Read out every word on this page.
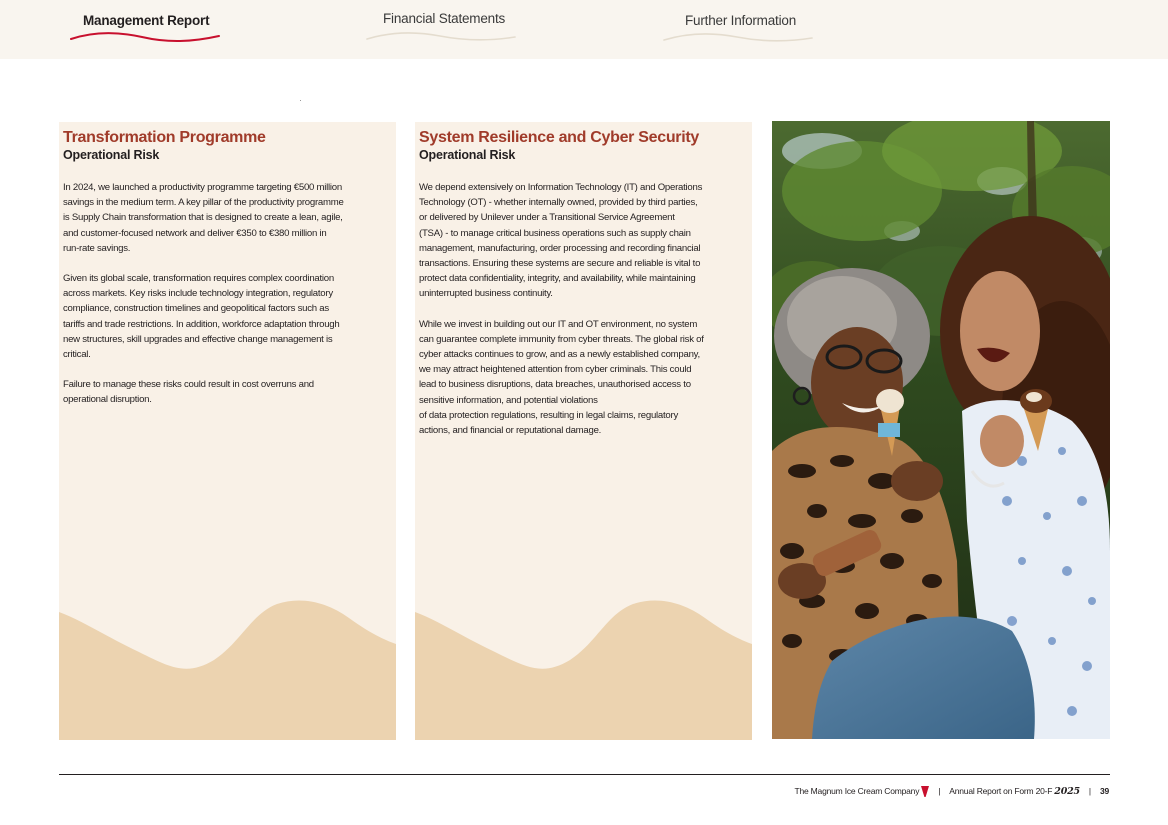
Management Report	Financial Statements	Further Information
Transformation Programme
Operational Risk

In 2024, we launched a productivity programme targeting €500 million
savings in the medium term. A key pillar of the productivity programme
is Supply Chain transformation that is designed to create a lean, agile,
and customer-focused network and deliver €350 to €380 million in
run-rate savings.

Given its global scale, transformation requires complex coordination
across markets. Key risks include technology integration, regulatory
compliance, construction timelines and geopolitical factors such as
tariffs and trade restrictions. In addition, workforce adaptation through
new structures, skill upgrades and effective change management is
critical.

Failure to manage these risks could result in cost overruns and
operational disruption.

System Resilience and Cyber Security
Operational Risk

We depend extensively on Information Technology (IT) and Operations
Technology (OT) - whether internally owned, provided by third parties,
or delivered by Unilever under a Transitional Service Agreement
(TSA) - to manage critical business operations such as supply chain
management, manufacturing, order processing and recording financial
transactions. Ensuring these systems are secure and reliable is vital to
protect data confidentiality, integrity, and availability, while maintaining
uninterrupted business continuity.

While we invest in building out our IT and OT environment, no system
can guarantee complete immunity from cyber threats. The global risk of
cyber attacks continues to grow, and as a newly established company,
we may attract heightened attention from cyber criminals. This could
lead to business disruptions, data breaches, unauthorised access to
sensitive information, and potential violations
of data protection regulations, resulting in legal claims, regulatory
actions, and financial or reputational damage.

The Magnum Ice Cream Company | Annual Report on Form 20-F 2025 | 39
